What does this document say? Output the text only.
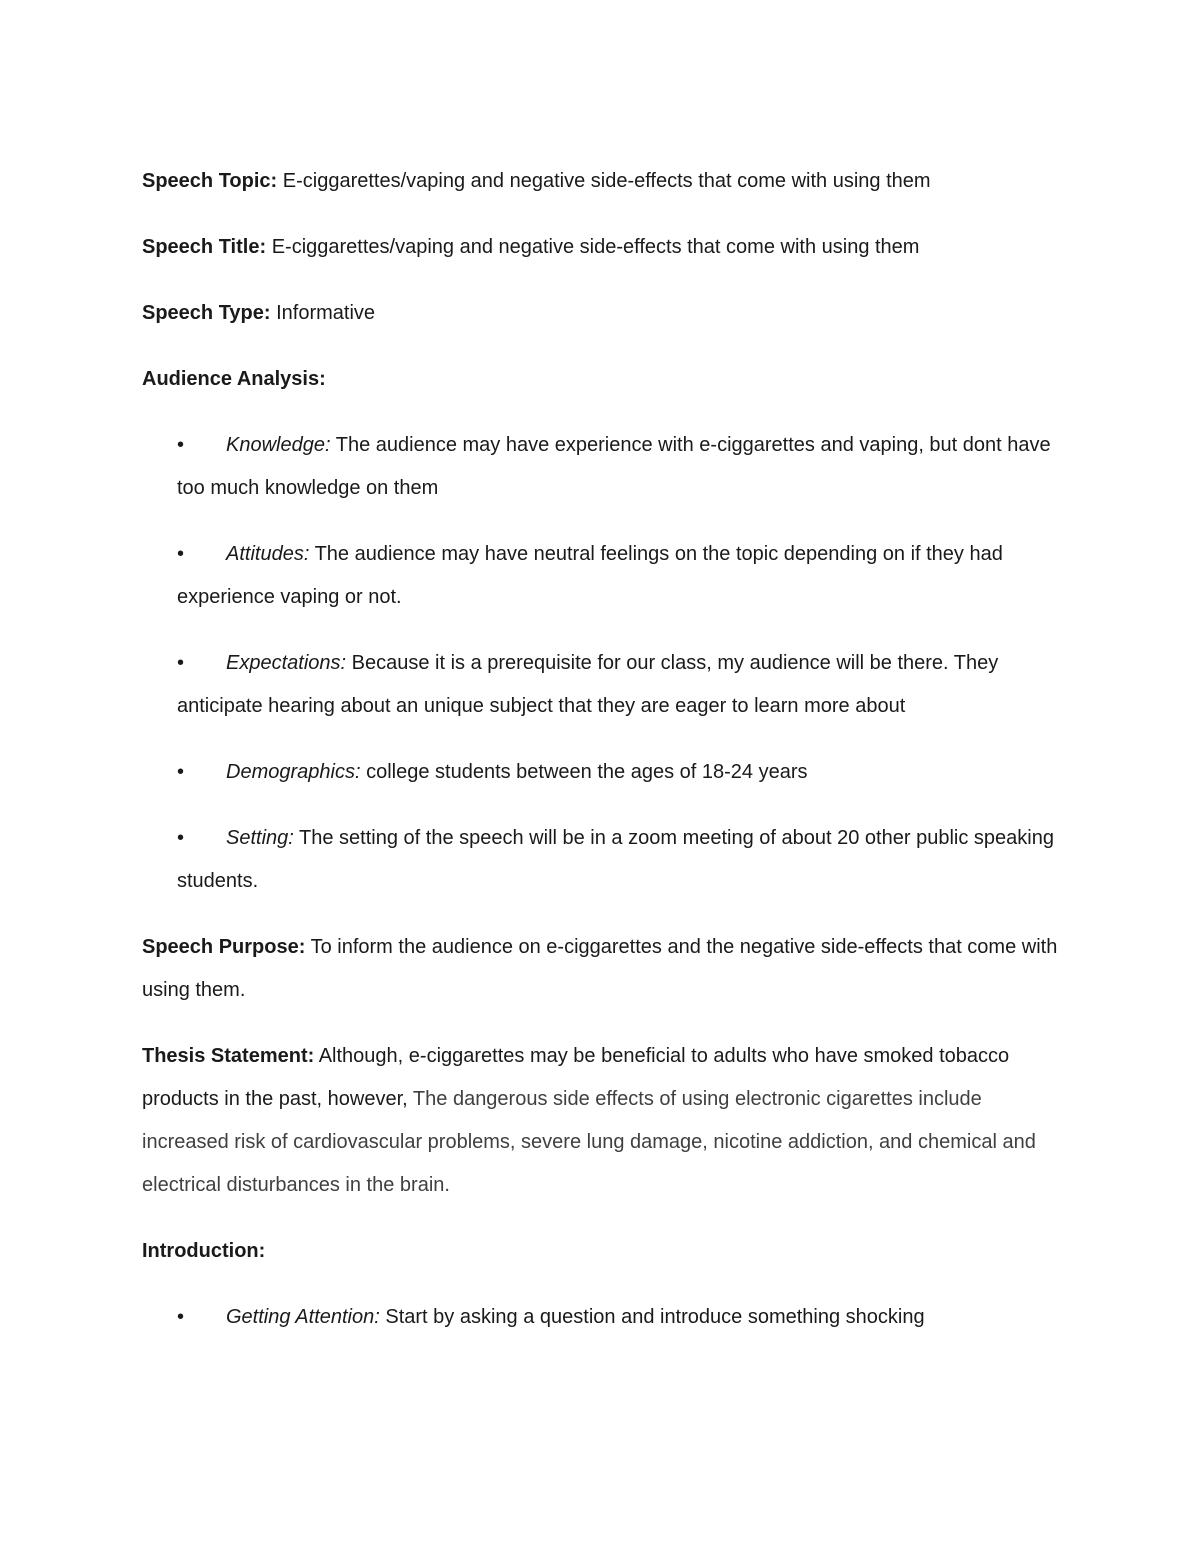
Speech Topic: E-ciggarettes/vaping and negative side-effects that come with using them

Speech Title: E-ciggarettes/vaping and negative side-effects that come with using them

Speech Type: Informative

Audience Analysis:

• Knowledge: The audience may have experience with e-ciggarettes and vaping, but dont have too much knowledge on them
• Attitudes: The audience may have neutral feelings on the topic depending on if they had experience vaping or not.
• Expectations: Because it is a prerequisite for our class, my audience will be there. They anticipate hearing about an unique subject that they are eager to learn more about
• Demographics: college students between the ages of 18-24 years
• Setting: The setting of the speech will be in a zoom meeting of about 20 other public speaking students.

Speech Purpose: To inform the audience on e-ciggarettes and the negative side-effects that come with using them.

Thesis Statement: Although, e-ciggarettes may be beneficial to adults who have smoked tobacco products in the past, however, The dangerous side effects of using electronic cigarettes include increased risk of cardiovascular problems, severe lung damage, nicotine addiction, and chemical and electrical disturbances in the brain.

Introduction:

• Getting Attention: Start by asking a question and introduce something shocking
